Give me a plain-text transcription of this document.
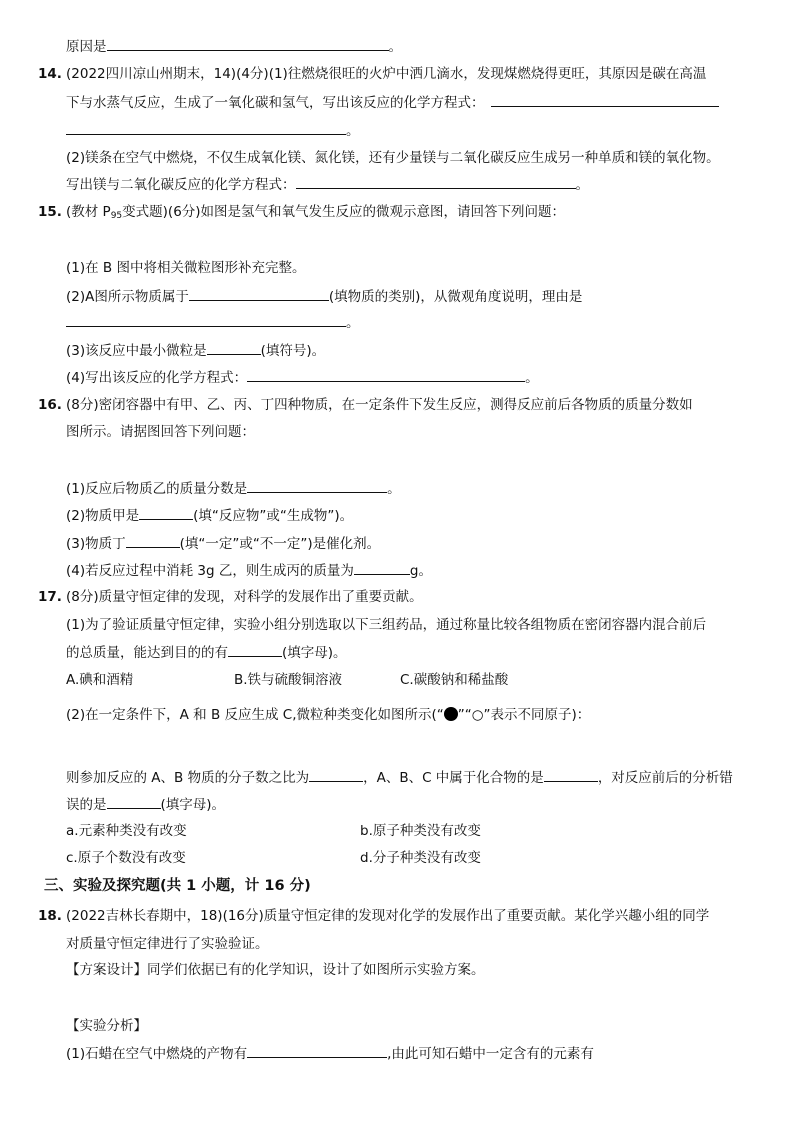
原因是	。
14. (2022四川凉山州期末，14)(4分)(1)往燃烧很旺的火炉中洒几滴水，发现煤燃烧得更旺，其原因是碳在高温
下与水蒸气反应，生成了一氧化碳和氢气，写出该反应的化学方程式：
。
(2)镁条在空气中燃烧，不仅生成氧化镁、氮化镁，还有少量镁与二氧化碳反应生成另一种单质和镁的氧化物。
写出镁与二氧化碳反应的化学方程式：	。
15. (教材 $P_{95}$变式题)(6分)如图是氢气和氧气发生反应的微观示意图，请回答下列问题：
(1)在 B 图中将相关微粒图形补充完整。
(2)A图所示物质属于	(填物质的类别)，从微观角度说明，理由是
。
(3)该反应中最小微粒是	(填符号)。
(4)写出该反应的化学方程式：	。
16. (8分)密闭容器中有甲、乙、丙、丁四种物质，在一定条件下发生反应，测得反应前后各物质的质量分数如
图所示。请据图回答下列问题：
(1)反应后物质乙的质量分数是	。
(2)物质甲是	(填“反应物”或“生成物”)。
(3)物质丁	(填“一定”或“不一定”)是催化剂。
(4)若反应过程中消耗 3g 乙，则生成丙的质量为	g。
17. (8分)质量守恒定律的发现，对科学的发展作出了重要贡献。
(1)为了验证质量守恒定律，实验小组分别选取以下三组药品，通过称量比较各组物质在密闭容器内混合前后
的总质量，能达到目的的有	(填字母)。
A.碘和酒精	B.铁与硫酸铜溶液	C.碳酸钠和稀盐酸
(2)在一定条件下，A 和 B 反应生成 C,微粒种类变化如图所示(“ ”“○”表示不同原子)：
则参加反应的 A、B 物质的分子数之比为	，A、B、C 中属于化合物的是	，对反应前后的分析错
误的是	(填字母)。
a.元素种类没有改变	b.原子种类没有改变
c.原子个数没有改变	d.分子种类没有改变
三、实验及探究题(共 1 小题，计 16 分)
18. (2022吉林长春期中，18)(16分)质量守恒定律的发现对化学的发展作出了重要贡献。某化学兴趣小组的同学
对质量守恒定律进行了实验验证。
【方案设计】同学们依据已有的化学知识，设计了如图所示实验方案。
【实验分析】
(1)石蜡在空气中燃烧的产物有	,由此可知石蜡中一定含有的元素有
